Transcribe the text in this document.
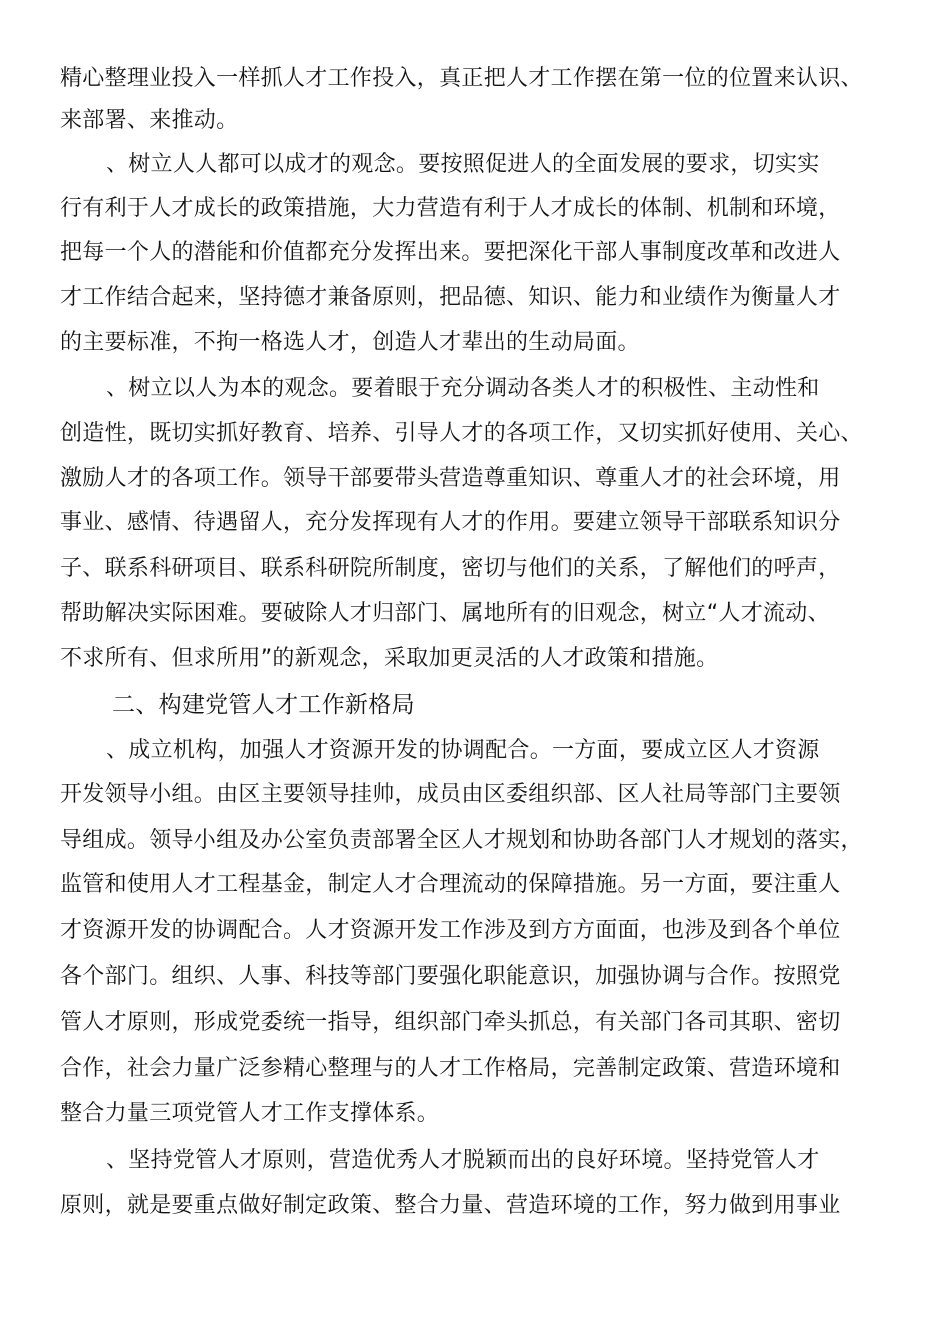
精心整理业投入一样抓人才工作投入，真正把人才工作摆在第一位的位置来认识、
来部署、来推动。
、树立人人都可以成才的观念。要按照促进人的全面发展的要求，切实实
行有利于人才成长的政策措施，大力营造有利于人才成长的体制、机制和环境，
把每一个人的潜能和价值都充分发挥出来。要把深化干部人事制度改革和改进人
才工作结合起来，坚持德才兼备原则，把品德、知识、能力和业绩作为衡量人才
的主要标准，不拘一格选人才，创造人才辈出的生动局面。
、树立以人为本的观念。要着眼于充分调动各类人才的积极性、主动性和
创造性，既切实抓好教育、培养、引导人才的各项工作，又切实抓好使用、关心、
激励人才的各项工作。领导干部要带头营造尊重知识、尊重人才的社会环境，用
事业、感情、待遇留人，充分发挥现有人才的作用。要建立领导干部联系知识分
子、联系科研项目、联系科研院所制度，密切与他们的关系，了解他们的呼声，
帮助解决实际困难。要破除人才归部门、属地所有的旧观念，树立“人才流动、
不求所有、但求所用”的新观念，采取加更灵活的人才政策和措施。
二、构建党管人才工作新格局
、成立机构，加强人才资源开发的协调配合。一方面，要成立区人才资源
开发领导小组。由区主要领导挂帅，成员由区委组织部、区人社局等部门主要领
导组成。领导小组及办公室负责部署全区人才规划和协助各部门人才规划的落实，
监管和使用人才工程基金，制定人才合理流动的保障措施。另一方面，要注重人
才资源开发的协调配合。人才资源开发工作涉及到方方面面，也涉及到各个单位
各个部门。组织、人事、科技等部门要强化职能意识，加强协调与合作。按照党
管人才原则，形成党委统一指导，组织部门牵头抓总，有关部门各司其职、密切
合作，社会力量广泛参精心整理与的人才工作格局，完善制定政策、营造环境和
整合力量三项党管人才工作支撑体系。
、坚持党管人才原则，营造优秀人才脱颖而出的良好环境。坚持党管人才
原则，就是要重点做好制定政策、整合力量、营造环境的工作，努力做到用事业
